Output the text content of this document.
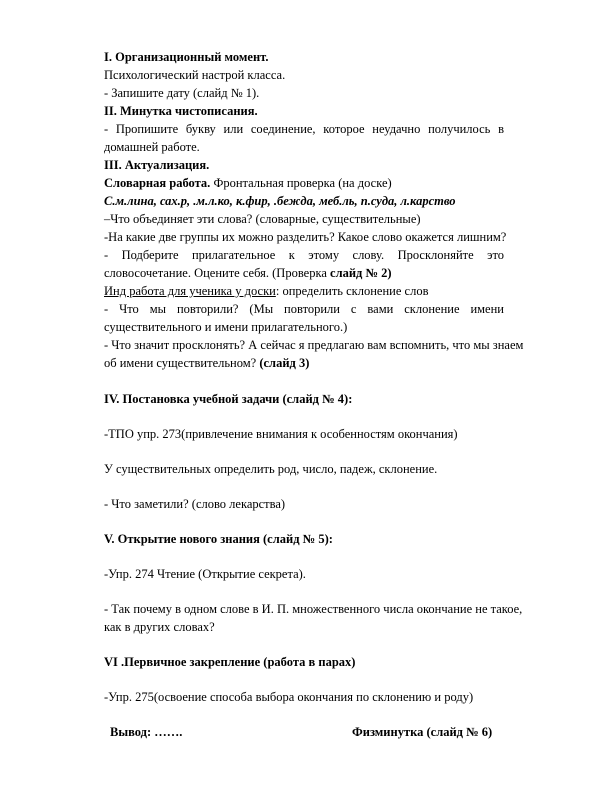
I. Организационный момент.
Психологический настрой класса.
- Запишите дату (слайд № 1).
II. Минутка чистописания.
- Пропишите букву или соединение, которое неудачно получилось в
домашней работе.
III. Актуализация.
Словарная работа. Фронтальная проверка (на доске)
С.м.лина, сах.р, .м.л.ко, к.фир, .бежда, меб.ль, п.суда, л.карство
–Что объединяет эти слова? (словарные, существительные)
-На какие две группы их можно разделить? Какое слово окажется лишним?
- Подберите прилагательное к этому слову. Просклоняйте это
словосочетание. Оцените себя. (Проверка слайд № 2)
Инд работа для ученика у доски: определить склонение слов
- Что мы повторили? (Мы повторили с вами склонение имени
существительного и имени прилагательного.)
- Что значит просклонять? А сейчас я предлагаю вам вспомнить, что мы знаем
об имени существительном? (слайд 3)
IV. Постановка учебной задачи (слайд № 4):
-ТПО упр. 273(привлечение внимания к особенностям окончания)
У существительных определить род, число, падеж, склонение.
- Что заметили? (слово лекарства)
V. Открытие нового знания (слайд № 5):
-Упр. 274 Чтение (Открытие секрета).
- Так почему в одном слове в И. П. множественного числа окончание не такое,
как в других словах?
VI .Первичное закрепление (работа в парах)
-Упр. 275(освоение способа выбора окончания по склонению и роду)
Вывод: …….	Физминутка (слайд № 6)
